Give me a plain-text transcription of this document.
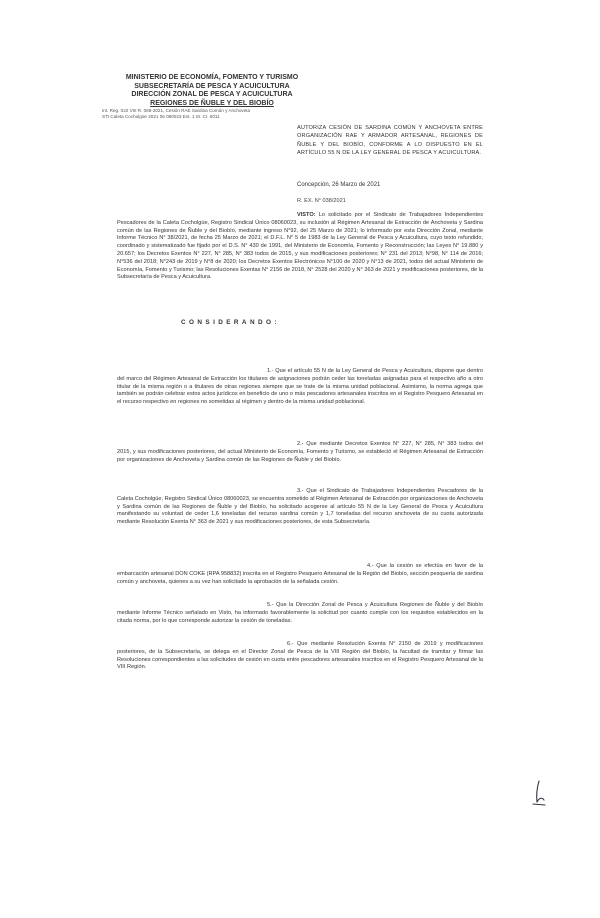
MINISTERIO DE ECONOMÍA, FOMENTO Y TURISMO
SUBSECRETARÍA DE PESCA Y ACUICULTURA
DIRECCIÓN ZONAL DE PESCA Y ACUICULTURA
REGIONES DE ÑUBLE Y DEL BIOBÍO
Int. Reg. 022 VIII R. 088-2021, Cesión RAE Sardina Común y Anchoveta
STI Caleta Cocholgüe 2021 06 080023 Ext. 1 Sr. Cr. 6011
AUTORIZA CESIÓN DE SARDINA COMÚN Y ANCHOVETA ENTRE ORGANIZACIÓN RAE Y ARMADOR ARTESANAL, REGIONES DE ÑUBLE Y DEL BIOBÍO, CONFORME A LO DISPUESTO EN EL ARTÍCULO 55 N DE LA LEY GENERAL DE PESCA Y ACUICULTURA.
Concepción, 26 Marzo de 2021
R. EX. N° 038/2021
VISTO: Lo solicitado por el Sindicato de Trabajadores Independientes Pescadores de la Caleta Cocholgüe, Registro Sindical Único 08060023, su inclusión al Régimen Artesanal de Extracción de Anchoveta y Sardina común de las Regiones de Ñuble y del Biobío, mediante ingreso N°92, del 25 Marzo de 2021; lo informado por esta Dirección Zonal, mediante Informe Técnico N° 38/2021, de fecha 25 Marzo de 2021; el D.F.L. N° 5 de 1983 de la Ley General de Pesca y Acuicultura, cuyo texto refundido, coordinado y sistematizado fue fijado por el D.S. N° 430 de 1991, del Ministerio de Economía, Fomento y Reconstrucción; las Leyes N° 19.880 y 20.657; los Decretos Exentos N° 227, N° 285, N° 383 todos de 2015, y sus modificaciones posteriores; N° 231 del 2013; N°98, N° 114 de 2016; N°536 del 2018; N°243 de 2019 y N°8 de 2020; los Decretos Exentos Electrónicos N°100 de 2020 y N°13 de 2021, todos del actual Ministerio de Economía, Fomento y Turismo; las Resoluciones Exentas N° 2156 de 2018, N° 2528 del 2020 y N° 363 de 2021 y modificaciones posteriores, de la Subsecretaría de Pesca y Acuicultura.
CONSIDERANDO:
1.- Que el artículo 55 N de la Ley General de Pesca y Acuicultura, dispone que dentro del marco del Régimen Artesanal de Extracción los titulares de asignaciones podrán ceder las toneladas asignadas para el respectivo año a otro titular de la misma región o a titulares de otras regiones siempre que se trate de la misma unidad poblacional. Asimismo, la norma agrega que también se podrán celebrar estos actos jurídicos en beneficio de uno o más pescadores artesanales inscritos en el Registro Pesquero Artesanal en el recurso respectivo en regiones no sometidas al régimen y dentro de la misma unidad poblacional.
2.- Que mediante Decretos Exentos N° 227, N° 285, N° 383 todos del 2015, y sus modificaciones posteriores, del actual Ministerio de Economía, Fomento y Turismo, se estableció el Régimen Artesanal de Extracción por organizaciones de Anchoveta y Sardina común de las Regiones de Ñuble y del Biobío.
3.- Que el Sindicato de Trabajadores Independientes Pescadores de la Caleta Cocholgüe, Registro Sindical Único 08060023, se encuentra sometido al Régimen Artesanal de Extracción por organizaciones de Anchoveta y Sardina común de las Regiones de Ñuble y del Biobío, ha solicitado acogerse al artículo 55 N de la Ley General de Pesca y Acuicultura manifestando su voluntad de ceder 1,6 toneladas del recurso sardina común y 1,7 toneladas del recurso anchoveta de su cuota autorizada mediante Resolución Exenta N° 363 de 2021 y sus modificaciones posteriores, de esta Subsecretaría.
4.- Que la cesión se efectúa en favor de la embarcación artesanal DON COKE (RPA 958832) inscrita en el Registro Pesquero Artesanal de la Región del Biobío, sección pesquería de sardina común y anchoveta, quienes a su vez han solicitado la aprobación de la señalada cesión.
5.- Que la Dirección Zonal de Pesca y Acuicultura Regiones de Ñuble y del Biobío mediante Informe Técnico señalado en Visto, ha informado favorablemente la solicitud por cuanto cumple con los requisitos establecidos en la citada norma, por lo que corresponde autorizar la cesión de toneladas.
6.- Que mediante Resolución Exenta N° 2150 de 2019 y modificaciones posteriores, de la Subsecretaría, se delega en el Director Zonal de Pesca de la VIII Región del Biobío, la facultad de tramitar y firmar las Resoluciones correspondientes a las solicitudes de cesión en cuota entre pescadores artesanales inscritos en el Registro Pesquero Artesanal de la VIII Región.
